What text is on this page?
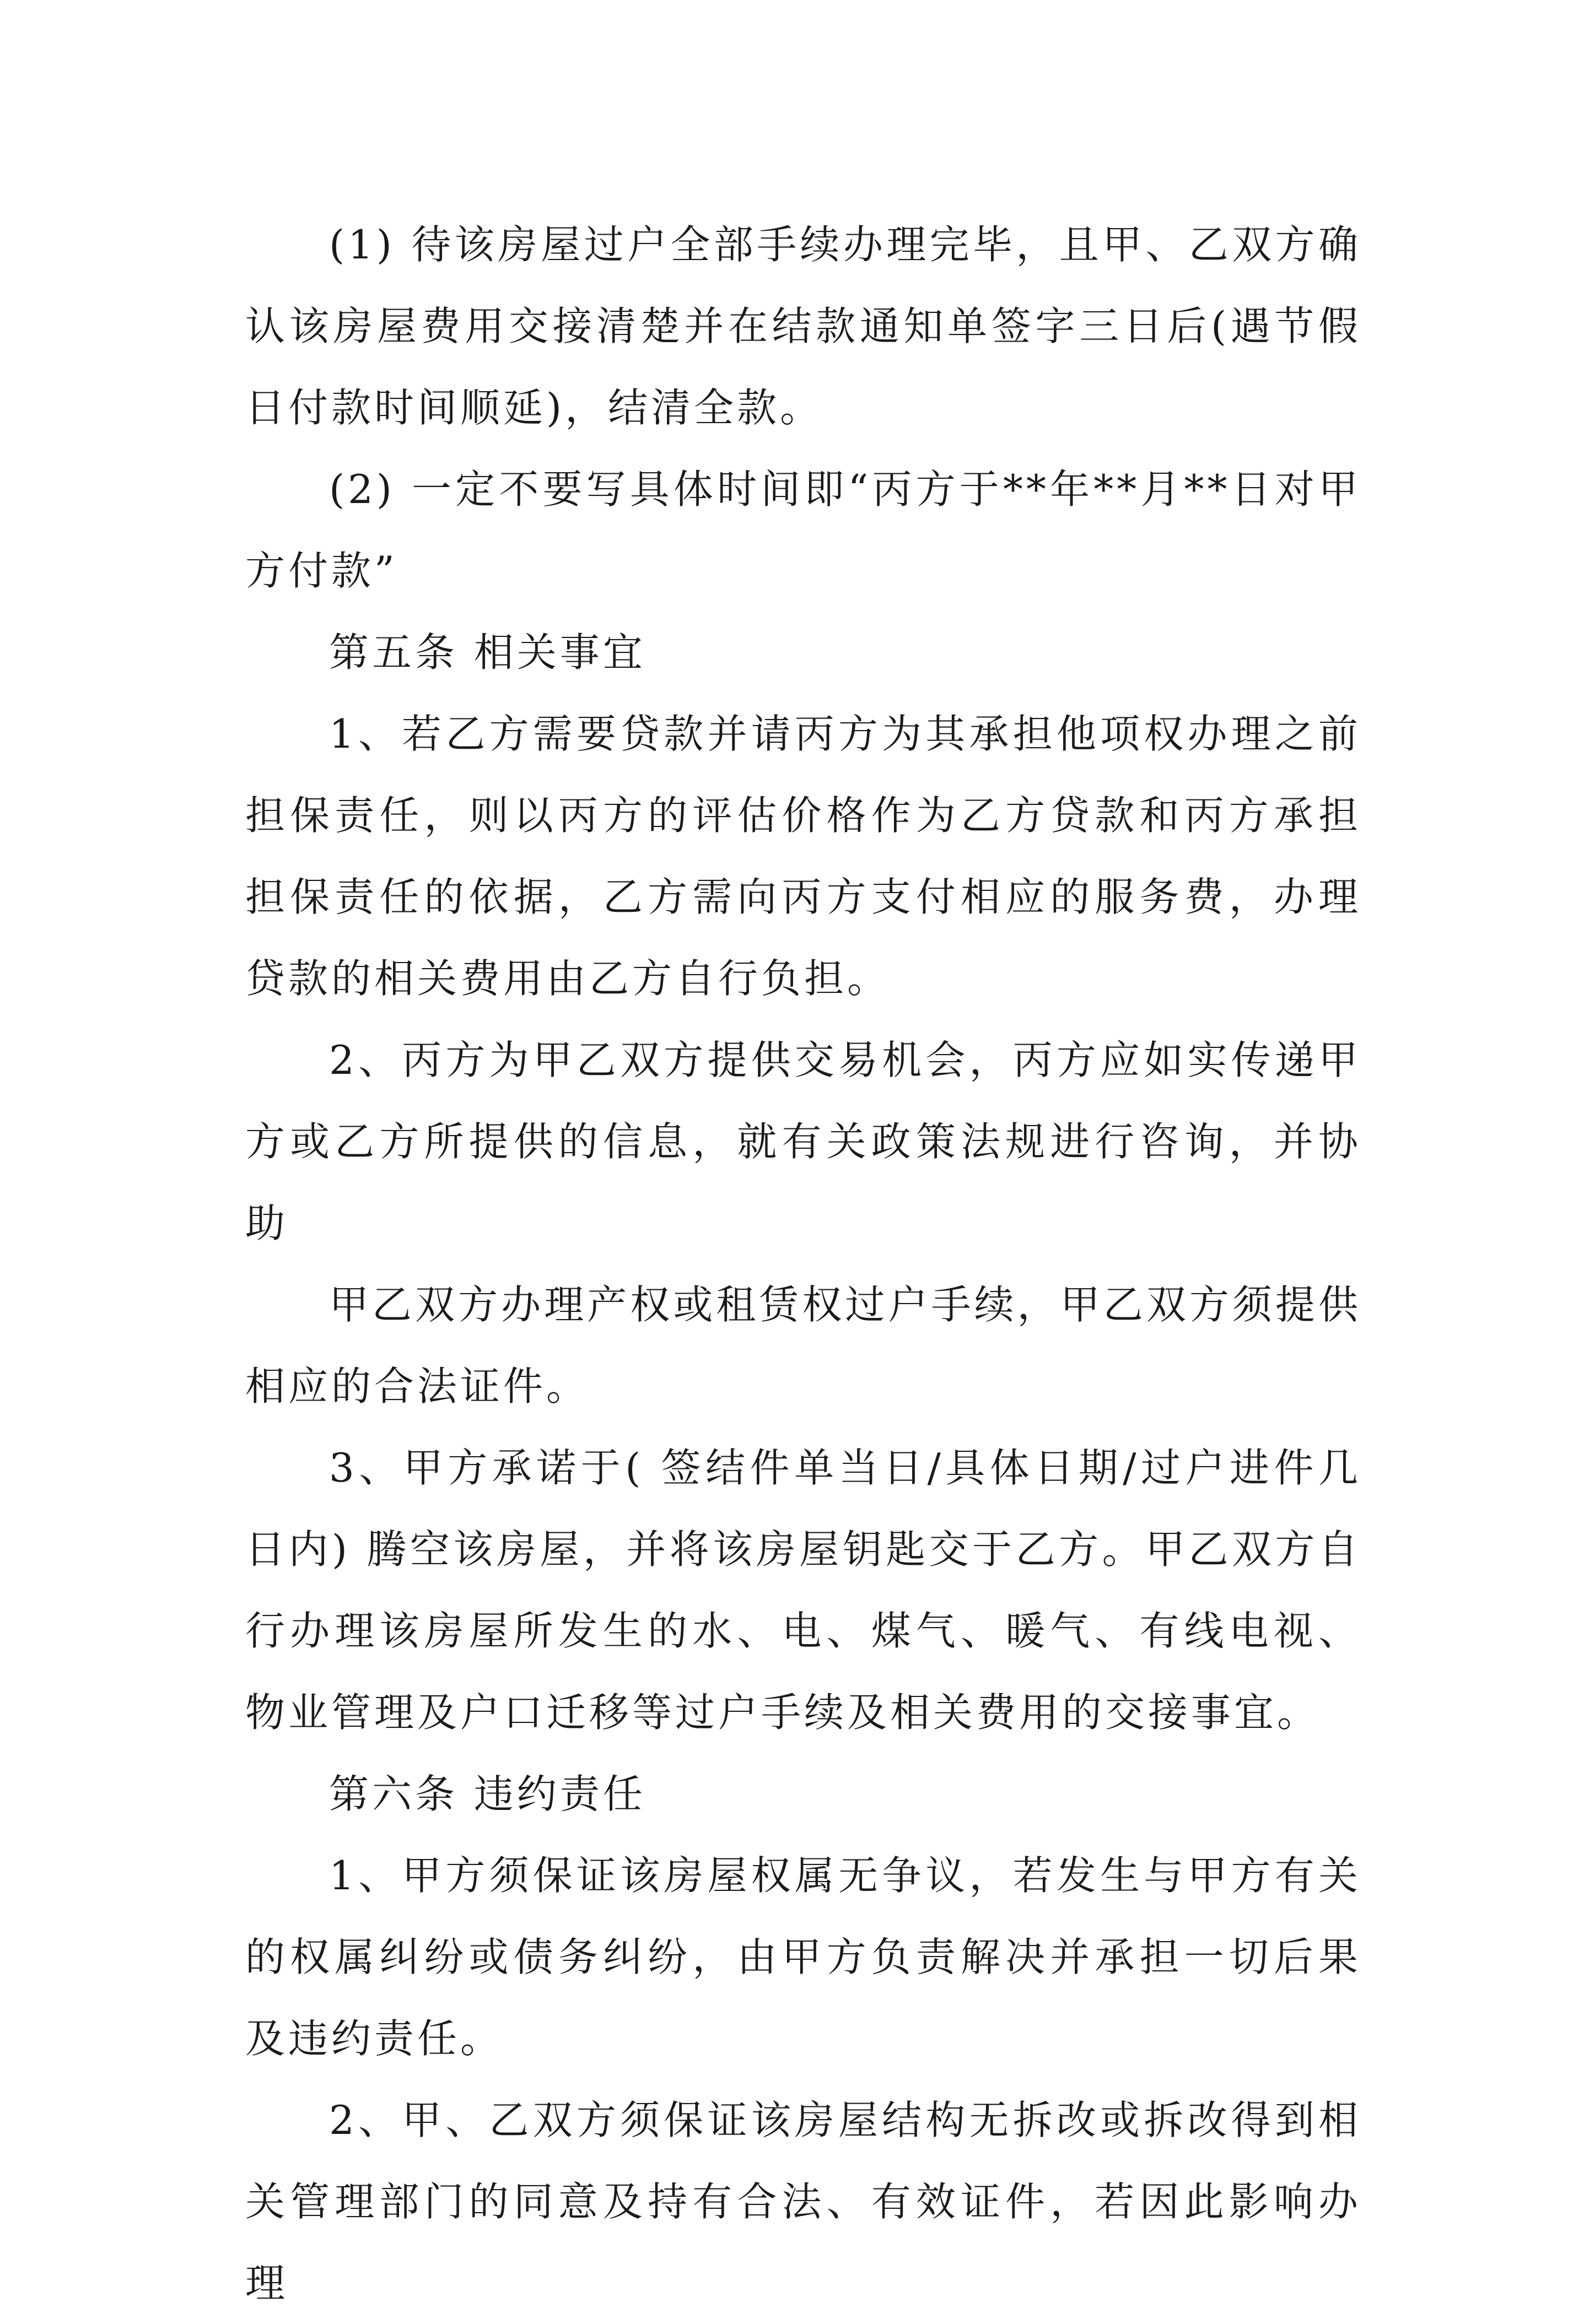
(1) 待该房屋过户全部手续办理完毕，且甲、乙双方确认该房屋费用交接清楚并在结款通知单签字三日后(遇节假日付款时间顺延)，结清全款。

(2) 一定不要写具体时间即“丙方于**年**月**日对甲方付款”

第五条 相关事宜

1、若乙方需要贷款并请丙方为其承担他项权办理之前担保责任，则以丙方的评估价格作为乙方贷款和丙方承担担保责任的依据，乙方需向丙方支付相应的服务费，办理贷款的相关费用由乙方自行负担。

2、丙方为甲乙双方提供交易机会，丙方应如实传递甲方或乙方所提供的信息，就有关政策法规进行咨询，并协助

甲乙双方办理产权或租赁权过户手续，甲乙双方须提供相应的合法证件。

3、甲方承诺于( 签结件单当日/具体日期/过户进件几日内) 腾空该房屋，并将该房屋钥匙交于乙方。甲乙双方自行办理该房屋所发生的水、电、煤气、暖气、有线电视、物业管理及户口迁移等过户手续及相关费用的交接事宜。

第六条 违约责任

1、甲方须保证该房屋权属无争议，若发生与甲方有关的权属纠纷或债务纠纷，由甲方负责解决并承担一切后果及违约责任。

2、甲、乙双方须保证该房屋结构无拆改或拆改得到相关管理部门的同意及持有合法、有效证件，若因此影响办理
